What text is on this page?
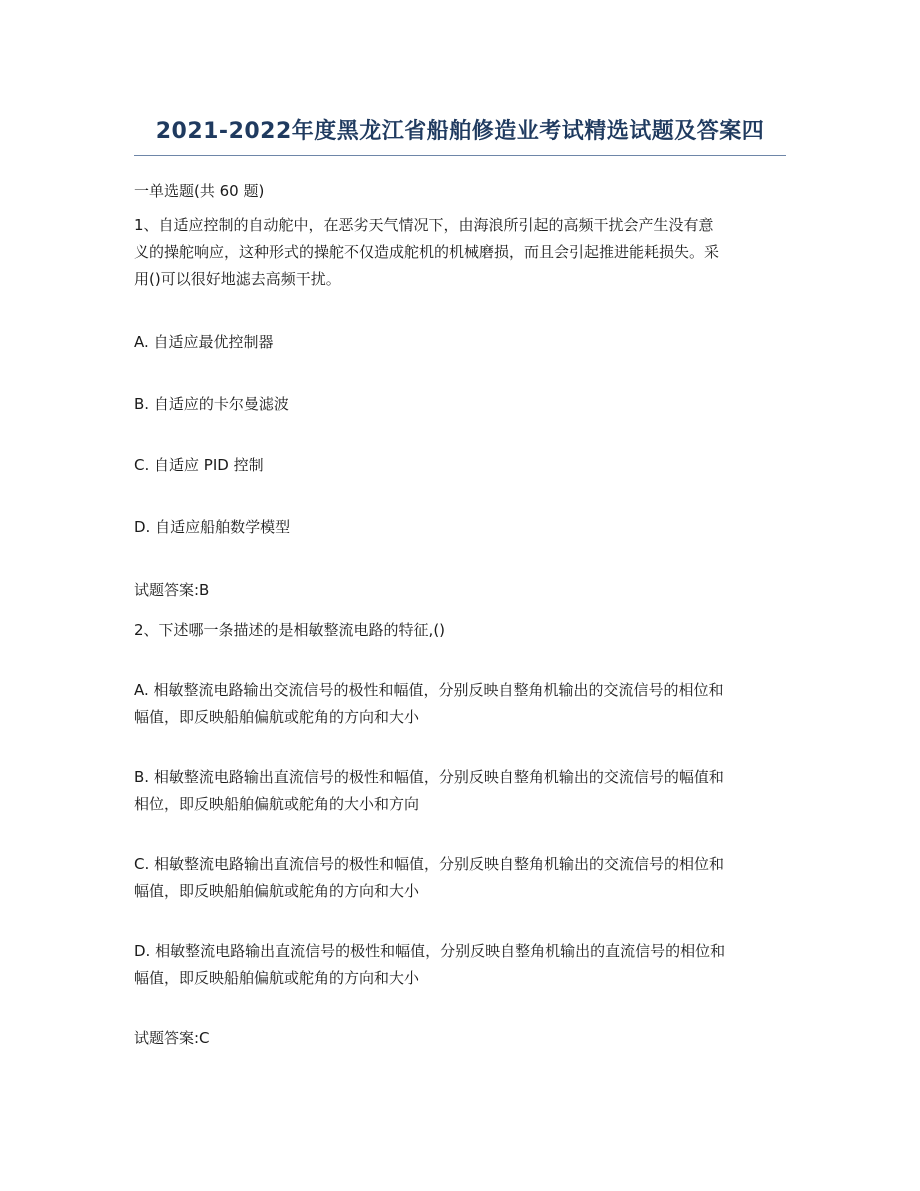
2021-2022年度黑龙江省船舶修造业考试精选试题及答案四
一单选题(共 60 题)
1、自适应控制的自动舵中，在恶劣天气情况下，由海浪所引起的高频干扰会产生没有意
义的操舵响应，这种形式的操舵不仅造成舵机的机械磨损，而且会引起推进能耗损失。采
用()可以很好地滤去高频干扰。
A. 自适应最优控制器
B. 自适应的卡尔曼滤波
C. 自适应 PID 控制
D. 自适应船舶数学模型
试题答案:B
2、下述哪一条描述的是相敏整流电路的特征,()
A. 相敏整流电路输出交流信号的极性和幅值，分别反映自整角机输出的交流信号的相位和
幅值，即反映船舶偏航或舵角的方向和大小
B. 相敏整流电路输出直流信号的极性和幅值，分别反映自整角机输出的交流信号的幅值和
相位，即反映船舶偏航或舵角的大小和方向
C. 相敏整流电路输出直流信号的极性和幅值，分别反映自整角机输出的交流信号的相位和
幅值，即反映船舶偏航或舵角的方向和大小
D. 相敏整流电路输出直流信号的极性和幅值，分别反映自整角机输出的直流信号的相位和
幅值，即反映船舶偏航或舵角的方向和大小
试题答案:C
